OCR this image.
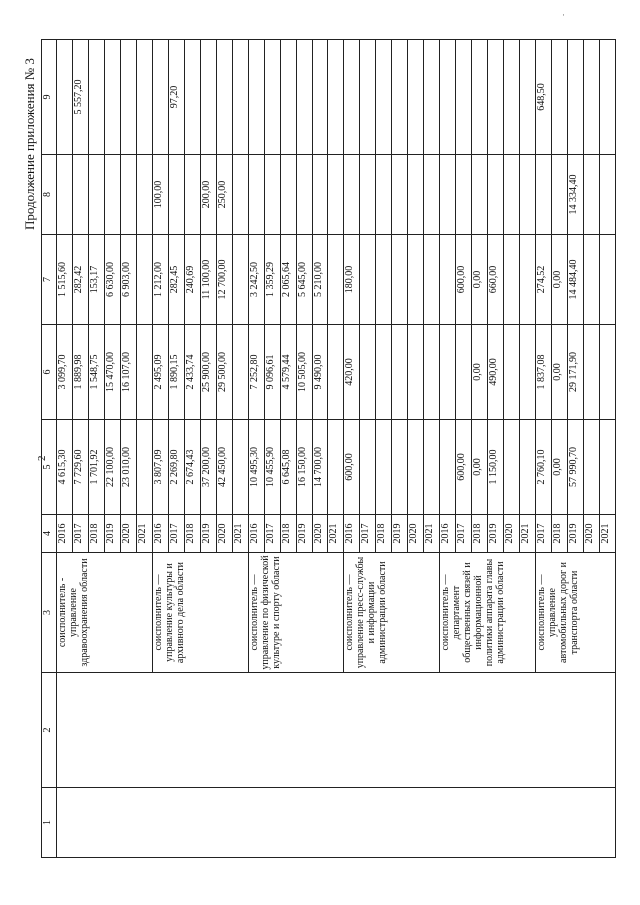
·
Продолжение приложения № 3
2
1	2	3	4	5	6	7	8	9
		соисполнитель - управление здравоохранения области	2016	4 615,30	3 099,70	1 515,60		
			2017	7 729,60	1 889,98	282,42		5 557,20
			2018	1 701,92	1 548,75	153,17		
			2019	22 100,00	15 470,00	6 630,00		
			2020	23 010,00	16 107,00	6 903,00		
			2021					
		соисполнитель — управление культуры и архивного дела области	2016	3 807,09	2 495,09	1 212,00	100,00	
			2017	2 269,80	1 890,15	282,45		97,20
			2018	2 674,43	2 433,74	240,69		
			2019	37 200,00	25 900,00	11 100,00	200,00	
			2020	42 450,00	29 500,00	12 700,00	250,00	
			2021					
		соисполнитель — управление по физической культуре и спорту области	2016	10 495,30	7 252,80	3 242,50		
			2017	10 455,90	9 096,61	1 359,29		
			2018	6 645,08	4 579,44	2 065,64		
			2019	16 150,00	10 505,00	5 645,00		
			2020	14 700,00	9 490,00	5 210,00		
			2021					
		соисполнитель — управление пресс-службы и информации администрации области	2016	600,00	420,00	180,00		
			2017					
			2018					
			2019					
			2020					
			2021					
		соисполнитель — департамент общественных связей и информационной политики аппарата главы администрации области	2016					
			2017	600,00		600,00		
			2018	0,00	0,00	0,00		
			2019	1 150,00	490,00	660,00		
			2020					
			2021					
		соисполнитель — управление автомобильных дорог и транспорта области	2017	2 760,10	1 837,08	274,52		648,50
			2018	0,00	0,00	0,00		
			2019	57 990,70	29 171,90	14 484,40	14 334,40	
			2020					
			2021					
